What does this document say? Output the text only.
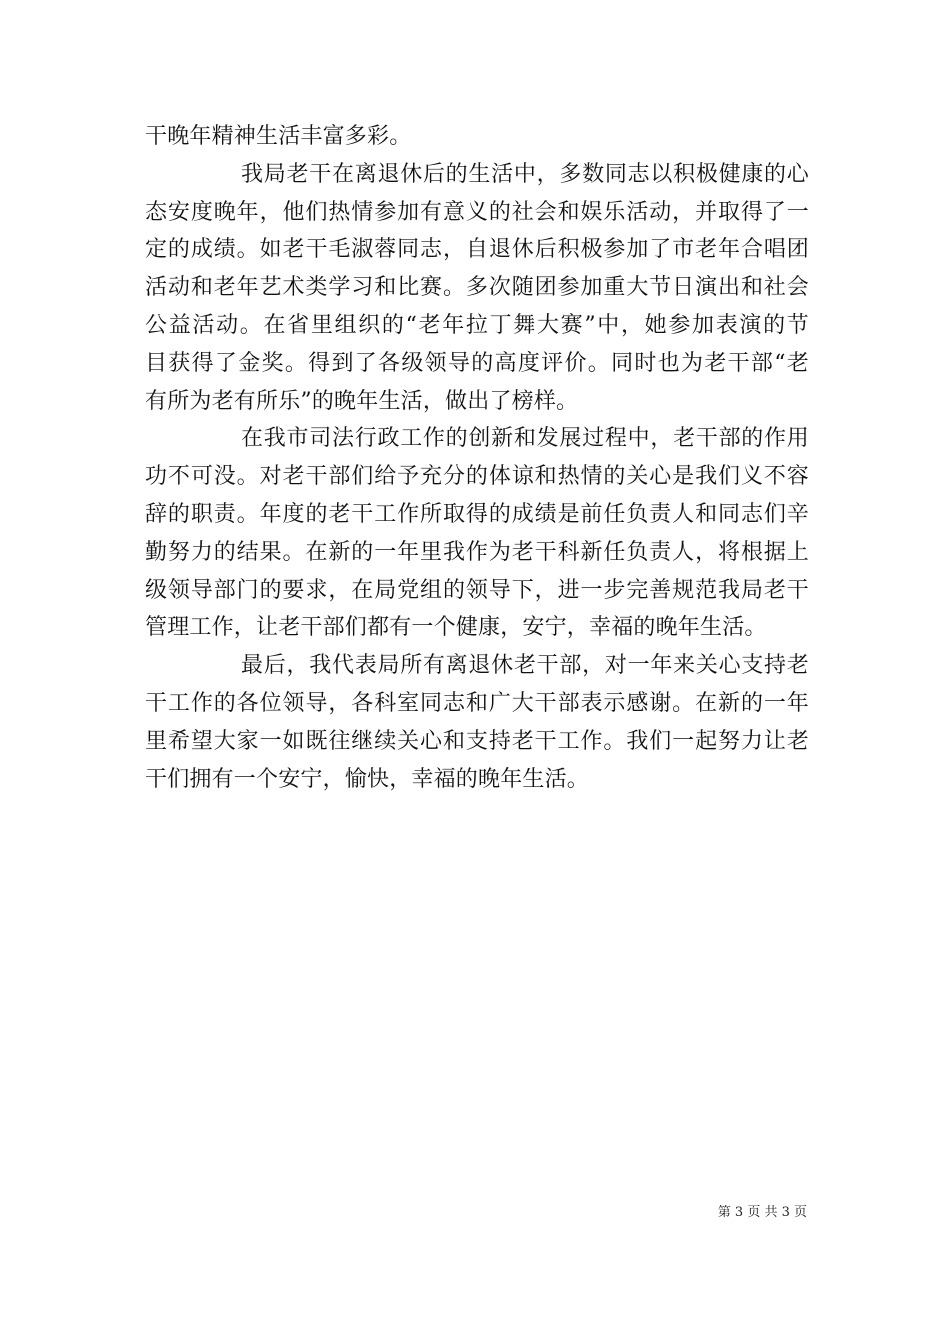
干晚年精神生活丰富多彩。
我局老干在离退休后的生活中，多数同志以积极健康的心
态安度晚年，他们热情参加有意义的社会和娱乐活动，并取得了一
定的成绩。如老干毛淑蓉同志，自退休后积极参加了市老年合唱团
活动和老年艺术类学习和比赛。多次随团参加重大节日演出和社会
公益活动。在省里组织的“老年拉丁舞大赛”中，她参加表演的节
目获得了金奖。得到了各级领导的高度评价。同时也为老干部“老
有所为老有所乐”的晚年生活，做出了榜样。
在我市司法行政工作的创新和发展过程中，老干部的作用
功不可没。对老干部们给予充分的体谅和热情的关心是我们义不容
辞的职责。年度的老干工作所取得的成绩是前任负责人和同志们辛
勤努力的结果。在新的一年里我作为老干科新任负责人，将根据上
级领导部门的要求，在局党组的领导下，进一步完善规范我局老干
管理工作，让老干部们都有一个健康，安宁，幸福的晚年生活。
最后，我代表局所有离退休老干部，对一年来关心支持老
干工作的各位领导，各科室同志和广大干部表示感谢。在新的一年
里希望大家一如既往继续关心和支持老干工作。我们一起努力让老
干们拥有一个安宁，愉快，幸福的晚年生活。
第 3 页 共 3 页
